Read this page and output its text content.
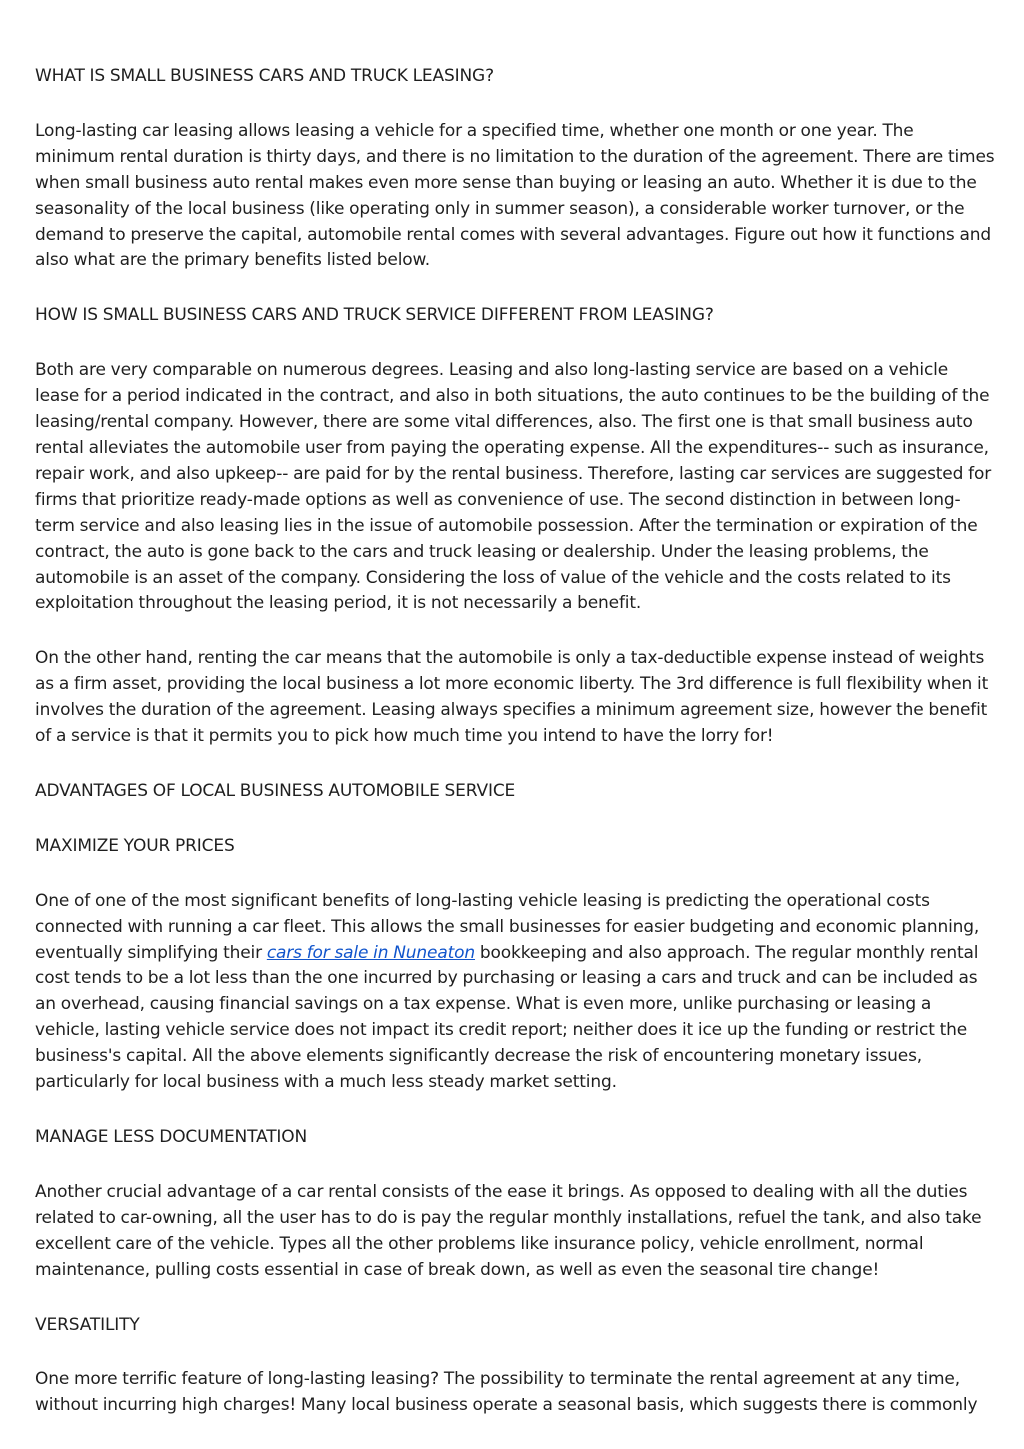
WHAT IS SMALL BUSINESS CARS AND TRUCK LEASING?

Long-lasting car leasing allows leasing a vehicle for a specified time, whether one month or one year. The minimum rental duration is thirty days, and there is no limitation to the duration of the agreement. There are times when small business auto rental makes even more sense than buying or leasing an auto. Whether it is due to the seasonality of the local business (like operating only in summer season), a considerable worker turnover, or the demand to preserve the capital, automobile rental comes with several advantages. Figure out how it functions and also what are the primary benefits listed below.

HOW IS SMALL BUSINESS CARS AND TRUCK SERVICE DIFFERENT FROM LEASING?

Both are very comparable on numerous degrees. Leasing and also long-lasting service are based on a vehicle lease for a period indicated in the contract, and also in both situations, the auto continues to be the building of the leasing/rental company. However, there are some vital differences, also. The first one is that small business auto rental alleviates the automobile user from paying the operating expense. All the expenditures-- such as insurance, repair work, and also upkeep-- are paid for by the rental business. Therefore, lasting car services are suggested for firms that prioritize ready-made options as well as convenience of use. The second distinction in between long-term service and also leasing lies in the issue of automobile possession. After the termination or expiration of the contract, the auto is gone back to the cars and truck leasing or dealership. Under the leasing problems, the automobile is an asset of the company. Considering the loss of value of the vehicle and the costs related to its exploitation throughout the leasing period, it is not necessarily a benefit.

On the other hand, renting the car means that the automobile is only a tax-deductible expense instead of weights as a firm asset, providing the local business a lot more economic liberty. The 3rd difference is full flexibility when it involves the duration of the agreement. Leasing always specifies a minimum agreement size, however the benefit of a service is that it permits you to pick how much time you intend to have the lorry for!

ADVANTAGES OF LOCAL BUSINESS AUTOMOBILE SERVICE

MAXIMIZE YOUR PRICES

One of one of the most significant benefits of long-lasting vehicle leasing is predicting the operational costs connected with running a car fleet. This allows the small businesses for easier budgeting and economic planning, eventually simplifying their cars for sale in Nuneaton bookkeeping and also approach. The regular monthly rental cost tends to be a lot less than the one incurred by purchasing or leasing a cars and truck and can be included as an overhead, causing financial savings on a tax expense. What is even more, unlike purchasing or leasing a vehicle, lasting vehicle service does not impact its credit report; neither does it ice up the funding or restrict the business's capital. All the above elements significantly decrease the risk of encountering monetary issues, particularly for local business with a much less steady market setting.

MANAGE LESS DOCUMENTATION

Another crucial advantage of a car rental consists of the ease it brings. As opposed to dealing with all the duties related to car-owning, all the user has to do is pay the regular monthly installations, refuel the tank, and also take excellent care of the vehicle. Types all the other problems like insurance policy, vehicle enrollment, normal maintenance, pulling costs essential in case of break down, as well as even the seasonal tire change!

VERSATILITY

One more terrific feature of long-lasting leasing? The possibility to terminate the rental agreement at any time, without incurring high charges! Many local business operate a seasonal basis, which suggests there is commonly
